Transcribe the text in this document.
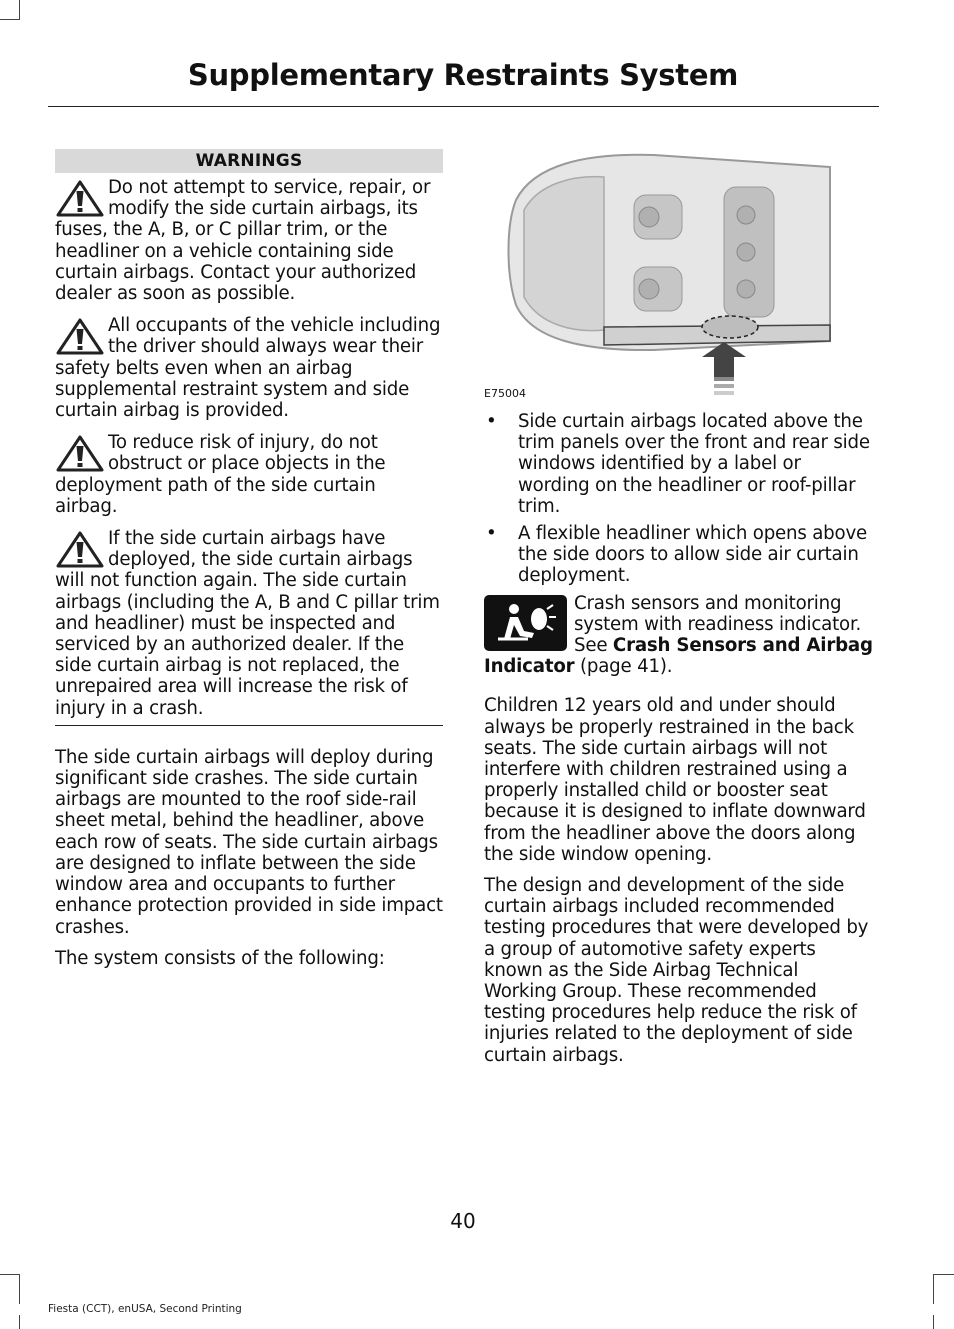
Supplementary Restraints System
WARNINGS
Do not attempt to service, repair, or modify the side curtain airbags, its fuses, the A, B, or C pillar trim, or the headliner on a vehicle containing side curtain airbags. Contact your authorized dealer as soon as possible.
All occupants of the vehicle including the driver should always wear their safety belts even when an airbag supplemental restraint system and side curtain airbag is provided.
To reduce risk of injury, do not obstruct or place objects in the deployment path of the side curtain airbag.
If the side curtain airbags have deployed, the side curtain airbags will not function again. The side curtain airbags (including the A, B and C pillar trim and headliner) must be inspected and serviced by an authorized dealer. If the side curtain airbag is not replaced, the unrepaired area will increase the risk of injury in a crash.

The side curtain airbags will deploy during significant side crashes. The side curtain airbags are mounted to the roof side-rail sheet metal, behind the headliner, above each row of seats. The side curtain airbags are designed to inflate between the side window area and occupants to further enhance protection provided in side impact crashes.

The system consists of the following:

E75004
• Side curtain airbags located above the trim panels over the front and rear side windows identified by a label or wording on the headliner or roof-pillar trim.
• A flexible headliner which opens above the side doors to allow side air curtain deployment.
Crash sensors and monitoring system with readiness indicator. See Crash Sensors and Airbag Indicator (page 41).

Children 12 years old and under should always be properly restrained in the back seats. The side curtain airbags will not interfere with children restrained using a properly installed child or booster seat because it is designed to inflate downward from the headliner above the doors along the side window opening.

The design and development of the side curtain airbags included recommended testing procedures that were developed by a group of automotive safety experts known as the Side Airbag Technical Working Group. These recommended testing procedures help reduce the risk of injuries related to the deployment of side curtain airbags.

40
Fiesta (CCT), enUSA, Second Printing
